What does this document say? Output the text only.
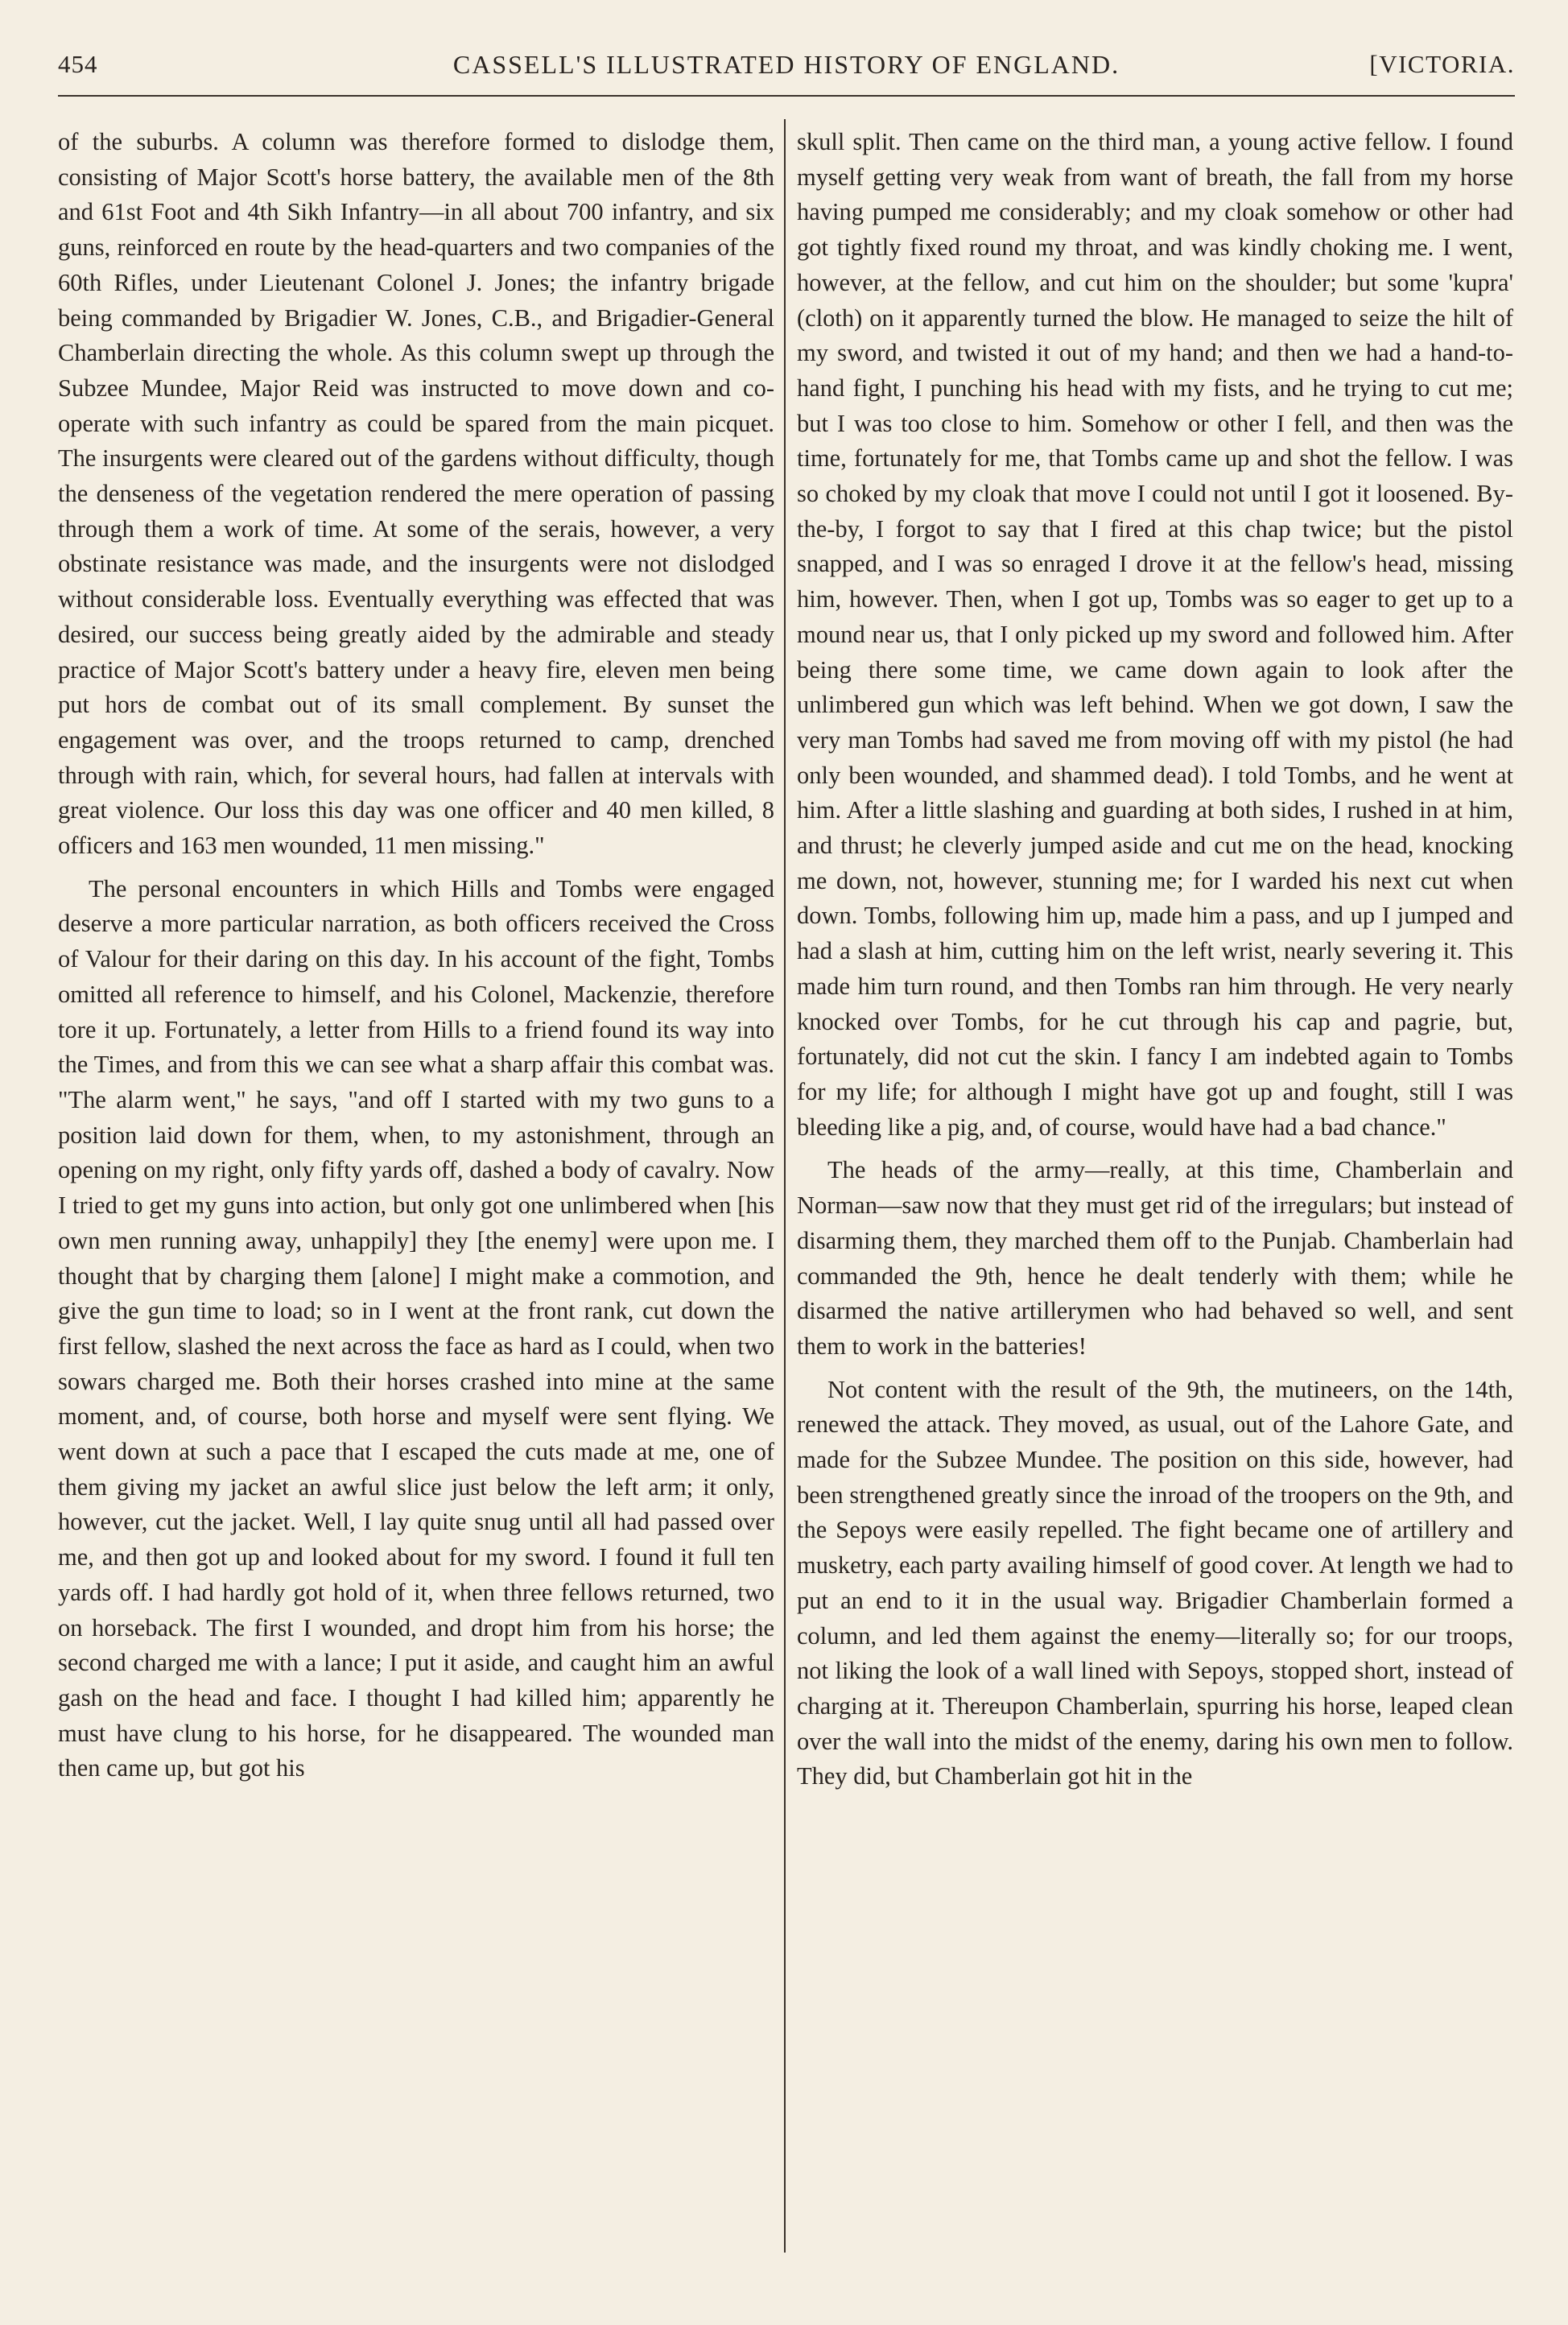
454	CASSELL'S ILLUSTRATED HISTORY OF ENGLAND.	[VICTORIA.

of the suburbs. A column was therefore formed to dislodge them, consisting of Major Scott's horse battery, the available men of the 8th and 61st Foot and 4th Sikh Infantry—in all about 700 infantry, and six guns, reinforced en route by the head-quarters and two companies of the 60th Rifles, under Lieutenant Colonel J. Jones; the infantry brigade being commanded by Brigadier W. Jones, C.B., and Brigadier-General Chamberlain directing the whole. As this column swept up through the Subzee Mundee, Major Reid was instructed to move down and co-operate with such infantry as could be spared from the main picquet. The insurgents were cleared out of the gardens without difficulty, though the denseness of the vegetation rendered the mere operation of passing through them a work of time. At some of the serais, however, a very obstinate resistance was made, and the insurgents were not dislodged without considerable loss. Eventually everything was effected that was desired, our success being greatly aided by the admirable and steady practice of Major Scott's battery under a heavy fire, eleven men being put hors de combat out of its small complement. By sunset the engagement was over, and the troops returned to camp, drenched through with rain, which, for several hours, had fallen at intervals with great violence. Our loss this day was one officer and 40 men killed, 8 officers and 163 men wounded, 11 men missing."

The personal encounters in which Hills and Tombs were engaged deserve a more particular narration, as both officers received the Cross of Valour for their daring on this day. In his account of the fight, Tombs omitted all reference to himself, and his Colonel, Mackenzie, therefore tore it up. Fortunately, a letter from Hills to a friend found its way into the Times, and from this we can see what a sharp affair this combat was. "The alarm went," he says, "and off I started with my two guns to a position laid down for them, when, to my astonishment, through an opening on my right, only fifty yards off, dashed a body of cavalry. Now I tried to get my guns into action, but only got one unlimbered when [his own men running away, unhappily] they [the enemy] were upon me. I thought that by charging them [alone] I might make a commotion, and give the gun time to load; so in I went at the front rank, cut down the first fellow, slashed the next across the face as hard as I could, when two sowars charged me. Both their horses crashed into mine at the same moment, and, of course, both horse and myself were sent flying. We went down at such a pace that I escaped the cuts made at me, one of them giving my jacket an awful slice just below the left arm; it only, however, cut the jacket. Well, I lay quite snug until all had passed over me, and then got up and looked about for my sword. I found it full ten yards off. I had hardly got hold of it, when three fellows returned, two on horseback. The first I wounded, and dropt him from his horse; the second charged me with a lance; I put it aside, and caught him an awful gash on the head and face. I thought I had killed him; apparently he must have clung to his horse, for he disappeared. The wounded man then came up, but got his

skull split. Then came on the third man, a young active fellow. I found myself getting very weak from want of breath, the fall from my horse having pumped me considerably; and my cloak somehow or other had got tightly fixed round my throat, and was kindly choking me. I went, however, at the fellow, and cut him on the shoulder; but some 'kupra' (cloth) on it apparently turned the blow. He managed to seize the hilt of my sword, and twisted it out of my hand; and then we had a hand-to-hand fight, I punching his head with my fists, and he trying to cut me; but I was too close to him. Somehow or other I fell, and then was the time, fortunately for me, that Tombs came up and shot the fellow. I was so choked by my cloak that move I could not until I got it loosened. By-the-by, I forgot to say that I fired at this chap twice; but the pistol snapped, and I was so enraged I drove it at the fellow's head, missing him, however. Then, when I got up, Tombs was so eager to get up to a mound near us, that I only picked up my sword and followed him. After being there some time, we came down again to look after the unlimbered gun which was left behind. When we got down, I saw the very man Tombs had saved me from moving off with my pistol (he had only been wounded, and shammed dead). I told Tombs, and he went at him. After a little slashing and guarding at both sides, I rushed in at him, and thrust; he cleverly jumped aside and cut me on the head, knocking me down, not, however, stunning me; for I warded his next cut when down. Tombs, following him up, made him a pass, and up I jumped and had a slash at him, cutting him on the left wrist, nearly severing it. This made him turn round, and then Tombs ran him through. He very nearly knocked over Tombs, for he cut through his cap and pagrie, but, fortunately, did not cut the skin. I fancy I am indebted again to Tombs for my life; for although I might have got up and fought, still I was bleeding like a pig, and, of course, would have had a bad chance."

The heads of the army—really, at this time, Chamberlain and Norman—saw now that they must get rid of the irregulars; but instead of disarming them, they marched them off to the Punjab. Chamberlain had commanded the 9th, hence he dealt tenderly with them; while he disarmed the native artillerymen who had behaved so well, and sent them to work in the batteries!

Not content with the result of the 9th, the mutineers, on the 14th, renewed the attack. They moved, as usual, out of the Lahore Gate, and made for the Subzee Mundee. The position on this side, however, had been strengthened greatly since the inroad of the troopers on the 9th, and the Sepoys were easily repelled. The fight became one of artillery and musketry, each party availing himself of good cover. At length we had to put an end to it in the usual way. Brigadier Chamberlain formed a column, and led them against the enemy—literally so; for our troops, not liking the look of a wall lined with Sepoys, stopped short, instead of charging at it. Thereupon Chamberlain, spurring his horse, leaped clean over the wall into the midst of the enemy, daring his own men to follow. They did, but Chamberlain got hit in the
